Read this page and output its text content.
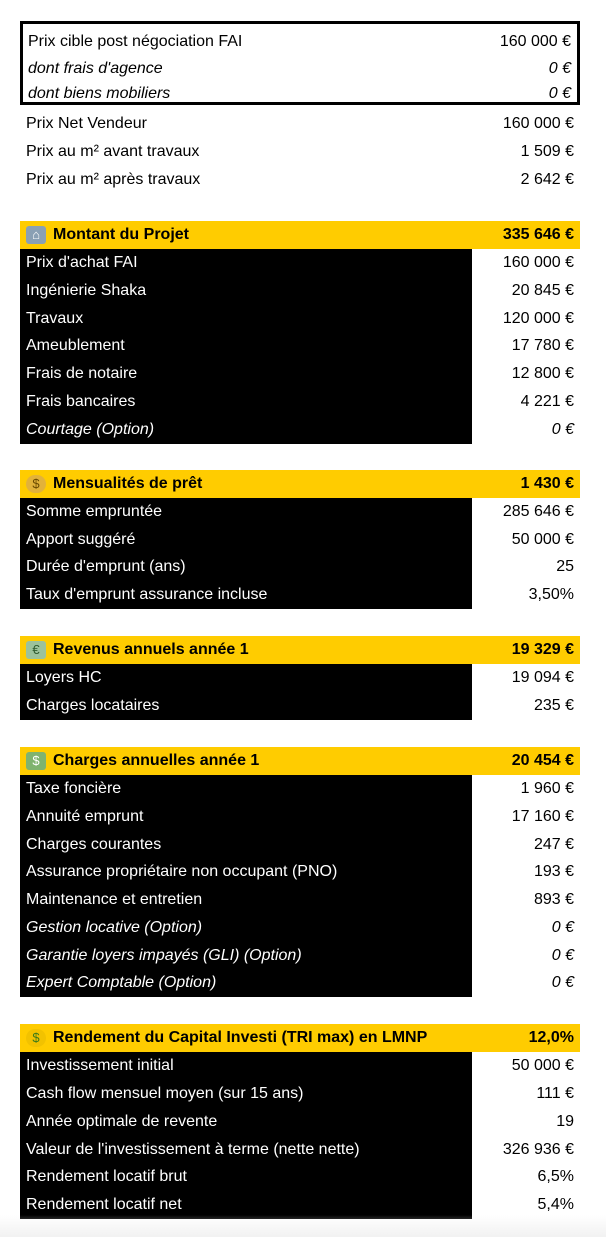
Prix cible post négociation FAI	160 000 €
dont frais d'agence	0 €
dont biens mobiliers	0 €
Prix Net Vendeur	160 000 €
Prix au m² avant travaux	1 509 €
Prix au m² après travaux	2 642 €
⌂ Montant du Projet	335 646 €
Prix d'achat FAI	160 000 €
Ingénierie Shaka	20 845 €
Travaux	120 000 €
Ameublement	17 780 €
Frais de notaire	12 800 €
Frais bancaires	4 221 €
Courtage (Option)	0 €
$ Mensualités de prêt	1 430 €
Somme empruntée	285 646 €
Apport suggéré	50 000 €
Durée d'emprunt (ans)	25
Taux d'emprunt assurance incluse	3,50%
€ Revenus annuels année 1	19 329 €
Loyers HC	19 094 €
Charges locataires	235 €
$ Charges annuelles année 1	20 454 €
Taxe foncière	1 960 €
Annuité emprunt	17 160 €
Charges courantes	247 €
Assurance propriétaire non occupant (PNO)	193 €
Maintenance et entretien	893 €
Gestion locative (Option)	0 €
Garantie loyers impayés (GLI) (Option)	0 €
Expert Comptable (Option)	0 €
$ Rendement du Capital Investi (TRI max) en LMNP	12,0%
Investissement initial	50 000 €
Cash flow mensuel moyen (sur 15 ans)	111 €
Année optimale de revente	19
Valeur de l'investissement à terme (nette nette)	326 936 €
Rendement locatif brut	6,5%
Rendement locatif net	5,4%
